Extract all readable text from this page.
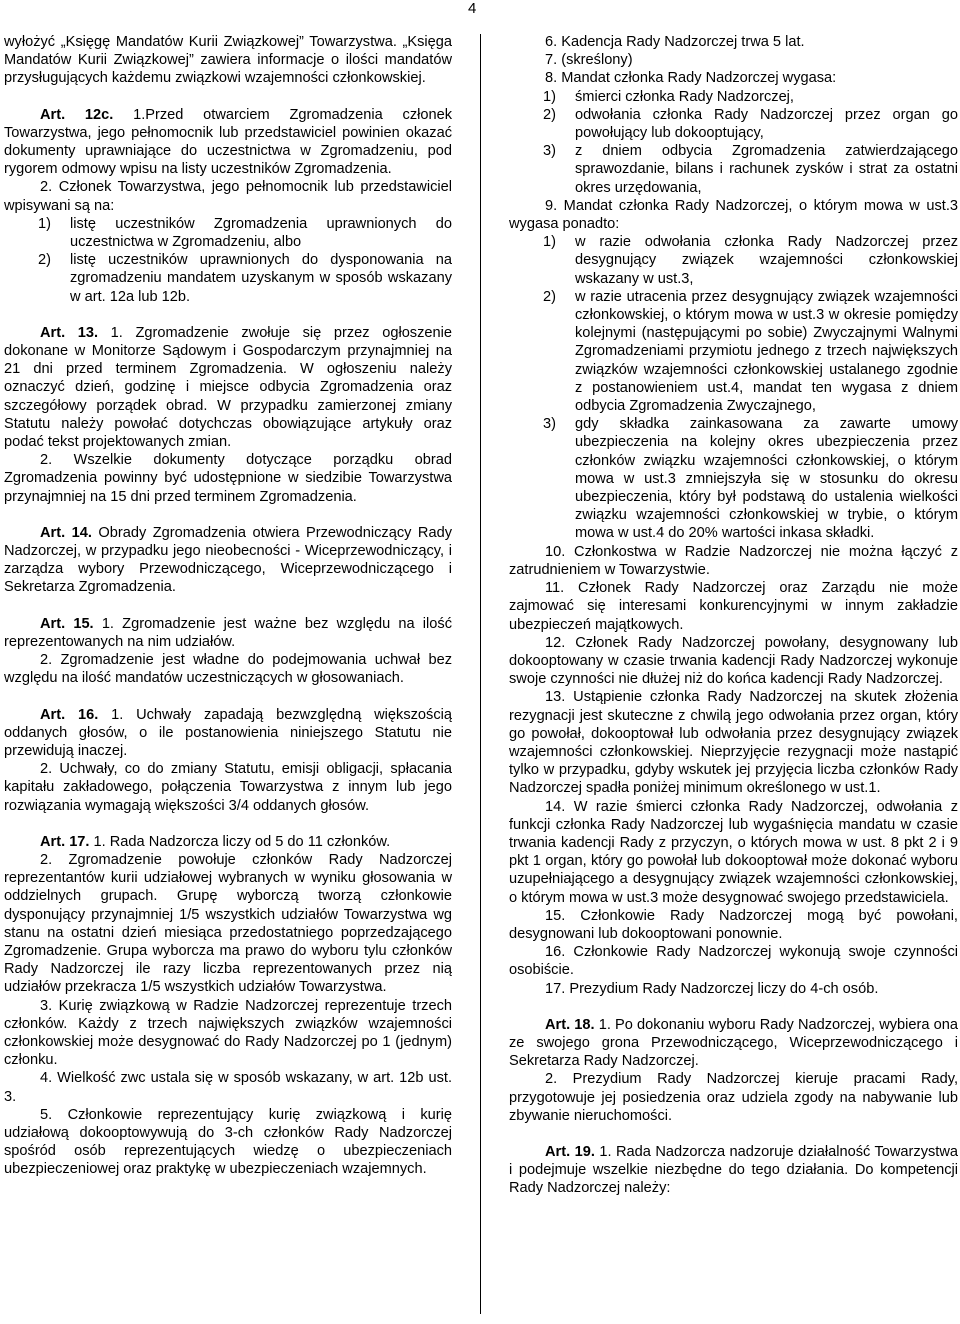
4

wyłożyć „Księgę Mandatów Kurii Związkowej” Towarzystwa. „Księga Mandatów Kurii Związkowej” zawiera informacje o ilości mandatów przysługujących każdemu związkowi wzajemności członkowskiej.

Art. 12c. 1.Przed otwarciem Zgromadzenia członek Towarzystwa, jego pełnomocnik lub przedstawiciel powinien okazać dokumenty uprawniające do uczestnictwa w Zgromadzeniu, pod rygorem odmowy wpisu na listy uczestników Zgromadzenia.

2. Członek Towarzystwa, jego pełnomocnik lub przedstawiciel wpisywani są na:

1) listę uczestników Zgromadzenia uprawnionych do uczestnictwa w Zgromadzeniu, albo
2) listę uczestników uprawnionych do dysponowania na zgromadzeniu mandatem uzyskanym w sposób wskazany w art. 12a lub 12b.

Art. 13. 1. Zgromadzenie zwołuje się przez ogłoszenie dokonane w Monitorze Sądowym i Gospodarczym przynajmniej na 21 dni przed terminem Zgromadzenia. W ogłoszeniu należy oznaczyć dzień, godzinę i miejsce odbycia Zgromadzenia oraz szczegółowy porządek obrad. W przypadku zamierzonej zmiany Statutu należy powołać dotychczas obowiązujące artykuły oraz podać tekst projektowanych zmian.

2. Wszelkie dokumenty dotyczące porządku obrad Zgromadzenia powinny być udostępnione w siedzibie Towarzystwa przynajmniej na 15 dni przed terminem Zgromadzenia.

Art. 14. Obrady Zgromadzenia otwiera Przewodniczący Rady Nadzorczej, w przypadku jego nieobecności - Wiceprzewodniczący, i zarządza wybory Przewodniczącego, Wiceprzewodniczącego i Sekretarza Zgromadzenia.

Art. 15. 1. Zgromadzenie jest ważne bez względu na ilość reprezentowanych na nim udziałów.

2. Zgromadzenie jest władne do podejmowania uchwał bez względu na ilość mandatów uczestniczących w głosowaniach.

Art. 16. 1. Uchwały zapadają bezwzględną większością oddanych głosów, o ile postanowienia niniejszego Statutu nie przewidują inaczej.

2. Uchwały, co do zmiany Statutu, emisji obligacji, spłacania kapitału zakładowego, połączenia Towarzystwa z innym lub jego rozwiązania wymagają większości 3/4 oddanych głosów.

Art. 17. 1. Rada Nadzorcza liczy od 5 do 11 członków.

2. Zgromadzenie powołuje członków Rady Nadzorczej reprezentantów kurii udziałowej wybranych w wyniku głosowania w oddzielnych grupach. Grupę wyborczą tworzą członkowie dysponujący przynajmniej 1/5 wszystkich udziałów Towarzystwa wg stanu na ostatni dzień miesiąca przedostatniego poprzedzającego Zgromadzenie. Grupa wyborcza ma prawo do wyboru tylu członków Rady Nadzorczej ile razy liczba reprezentowanych przez nią udziałów przekracza 1/5 wszystkich udziałów Towarzystwa.

3. Kurię związkową w Radzie Nadzorczej reprezentuje trzech członków. Każdy z trzech największych związków wzajemności członkowskiej może desygnować do Rady Nadzorczej po 1 (jednym) członku.

4. Wielkość zwc ustala się w sposób wskazany, w art. 12b ust. 3.

5. Członkowie reprezentujący kurię związkową i kurię udziałową dokooptowywują do 3-ch członków Rady Nadzorczej spośród osób reprezentujących wiedzę o ubezpieczeniach ubezpieczeniowej oraz praktykę w ubezpieczeniach wzajemnych.

6. Kadencja Rady Nadzorczej trwa 5 lat.

7. (skreślony)

8. Mandat członka Rady Nadzorczej wygasa:

1) śmierci członka Rady Nadzorczej,
2) odwołania członka Rady Nadzorczej przez organ go powołujący lub dokooptujący,
3) z dniem odbycia Zgromadzenia zatwierdzającego sprawozdanie, bilans i rachunek zysków i strat za ostatni okres urzędowania,

9. Mandat członka Rady Nadzorczej, o którym mowa w ust.3 wygasa ponadto:

1) w razie odwołania członka Rady Nadzorczej przez desygnujący związek wzajemności członkowskiej wskazany w ust.3,
2) w razie utracenia przez desygnujący związek wzajemności członkowskiej, o którym mowa w ust.3 w okresie pomiędzy kolejnymi (następującymi po sobie) Zwyczajnymi Walnymi Zgromadzeniami przymiotu jednego z trzech największych związków wzajemności członkowskiej ustalanego zgodnie z postanowieniem ust.4, mandat ten wygasa z dniem odbycia Zgromadzenia Zwyczajnego,
3) gdy składka zainkasowana za zawarte umowy ubezpieczenia na kolejny okres ubezpieczenia przez członków związku wzajemności członkowskiej, o którym mowa w ust.3 zmniejszyła się w stosunku do okresu ubezpieczenia, który był podstawą do ustalenia wielkości związku wzajemności członkowskiej w trybie, o którym mowa w ust.4 do 20% wartości inkasa składki.

10. Członkostwa w Radzie Nadzorczej nie można łączyć z zatrudnieniem w Towarzystwie.

11. Członek Rady Nadzorczej oraz Zarządu nie może zajmować się interesami konkurencyjnymi w innym zakładzie ubezpieczeń majątkowych.

12. Członek Rady Nadzorczej powołany, desygnowany lub dokooptowany w czasie trwania kadencji Rady Nadzorczej wykonuje swoje czynności nie dłużej niż do końca kadencji Rady Nadzorczej.

13. Ustąpienie członka Rady Nadzorczej na skutek złożenia rezygnacji jest skuteczne z chwilą jego odwołania przez organ, który go powołał, dokooptował lub odwołania przez desygnujący związek wzajemności członkowskiej. Nieprzyjęcie rezygnacji może nastąpić tylko w przypadku, gdyby wskutek jej przyjęcia liczba członków Rady Nadzorczej spadła poniżej minimum określonego w ust.1.

14. W razie śmierci członka Rady Nadzorczej, odwołania z funkcji członka Rady Nadzorczej lub wygaśnięcia mandatu w czasie trwania kadencji Rady z przyczyn, o których mowa w ust. 8 pkt 2 i 9 pkt 1 organ, który go powołał lub dokooptował może dokonać wyboru uzupełniającego a desygnujący związek wzajemności członkowskiej, o którym mowa w ust.3 może desygnować swojego przedstawiciela.

15. Członkowie Rady Nadzorczej mogą być powołani, desygnowani lub dokooptowani ponownie.

16. Członkowie Rady Nadzorczej wykonują swoje czynności osobiście.

17. Prezydium Rady Nadzorczej liczy do 4-ch osób.

Art. 18. 1. Po dokonaniu wyboru Rady Nadzorczej, wybiera ona ze swojego grona Przewodniczącego, Wiceprzewodniczącego i Sekretarza Rady Nadzorczej.

2. Prezydium Rady Nadzorczej kieruje pracami Rady, przygotowuje jej posiedzenia oraz udziela zgody na nabywanie lub zbywanie nieruchomości.

Art. 19. 1. Rada Nadzorcza nadzoruje działalność Towarzystwa i podejmuje wszelkie niezbędne do tego działania. Do kompetencji Rady Nadzorczej należy:
